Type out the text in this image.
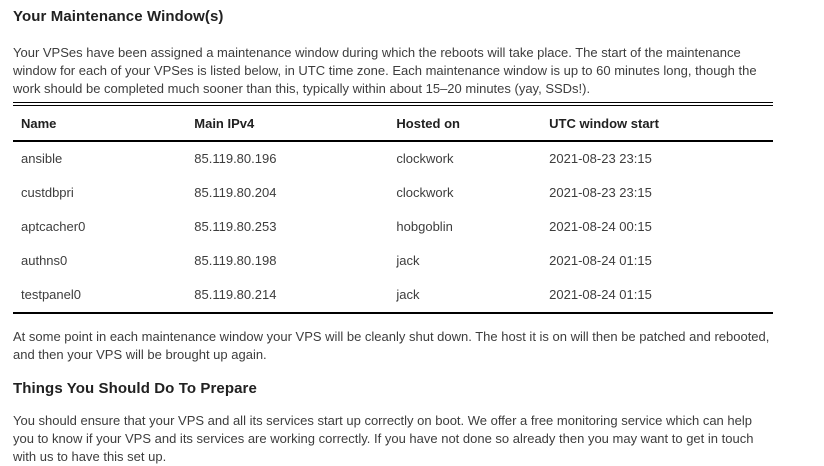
Your Maintenance Window(s)

Your VPSes have been assigned a maintenance window during which the reboots will take place. The start of the maintenance window for each of your VPSes is listed below, in UTC time zone. Each maintenance window is up to 60 minutes long, though the work should be completed much sooner than this, typically within about 15–20 minutes (yay, SSDs!).

Name	Main IPv4	Hosted on	UTC window start
ansible	85.119.80.196	clockwork	2021-08-23 23:15
custdbpri	85.119.80.204	clockwork	2021-08-23 23:15
aptcacher0	85.119.80.253	hobgoblin	2021-08-24 00:15
authns0	85.119.80.198	jack	2021-08-24 01:15
testpanel0	85.119.80.214	jack	2021-08-24 01:15

At some point in each maintenance window your VPS will be cleanly shut down. The host it is on will then be patched and rebooted, and then your VPS will be brought up again.

Things You Should Do To Prepare

You should ensure that your VPS and all its services start up correctly on boot. We offer a free monitoring service which can help you to know if your VPS and its services are working correctly. If you have not done so already then you may want to get in touch with us to have this set up.
